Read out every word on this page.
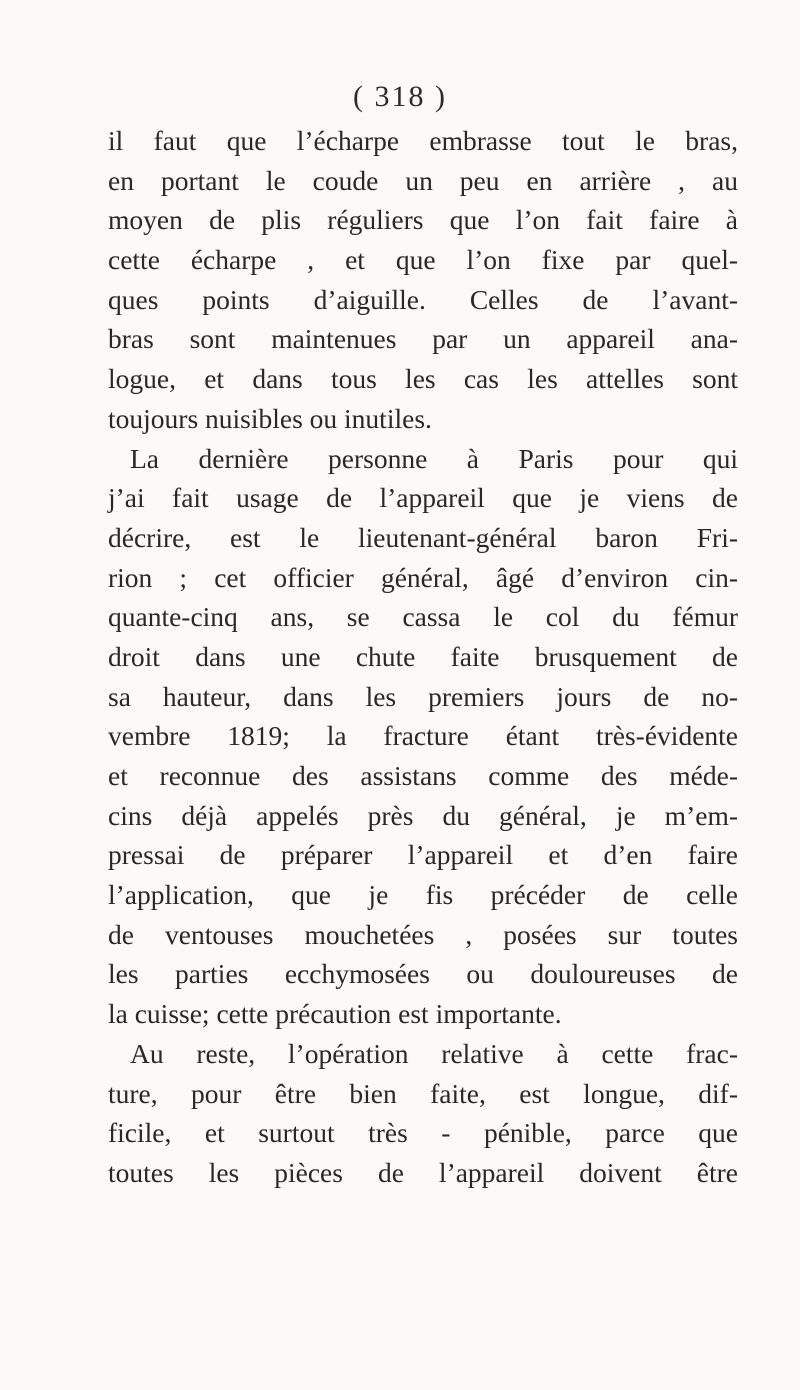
( 318 )
il faut que l’écharpe embrasse tout le bras,
en portant le coude un peu en arrière , au
moyen de plis réguliers que l’on fait faire à
cette écharpe , et que l’on fixe par quel-
ques points d’aiguille. Celles de l’avant-
bras sont maintenues par un appareil ana-
logue, et dans tous les cas les attelles sont
toujours nuisibles ou inutiles.
La dernière personne à Paris pour qui
j’ai fait usage de l’appareil que je viens de
décrire, est le lieutenant-général baron Fri-
rion ; cet officier général, âgé d’environ cin-
quante-cinq ans, se cassa le col du fémur
droit dans une chute faite brusquement de
sa hauteur, dans les premiers jours de no-
vembre 1819; la fracture étant très-évidente
et reconnue des assistans comme des méde-
cins déjà appelés près du général, je m’em-
pressai de préparer l’appareil et d’en faire
l’application, que je fis précéder de celle
de ventouses mouchetées , posées sur toutes
les parties ecchymosées ou douloureuses de
la cuisse; cette précaution est importante.
Au reste, l’opération relative à cette frac-
ture, pour être bien faite, est longue, dif-
ficile, et surtout très - pénible, parce que
toutes les pièces de l’appareil doivent être
